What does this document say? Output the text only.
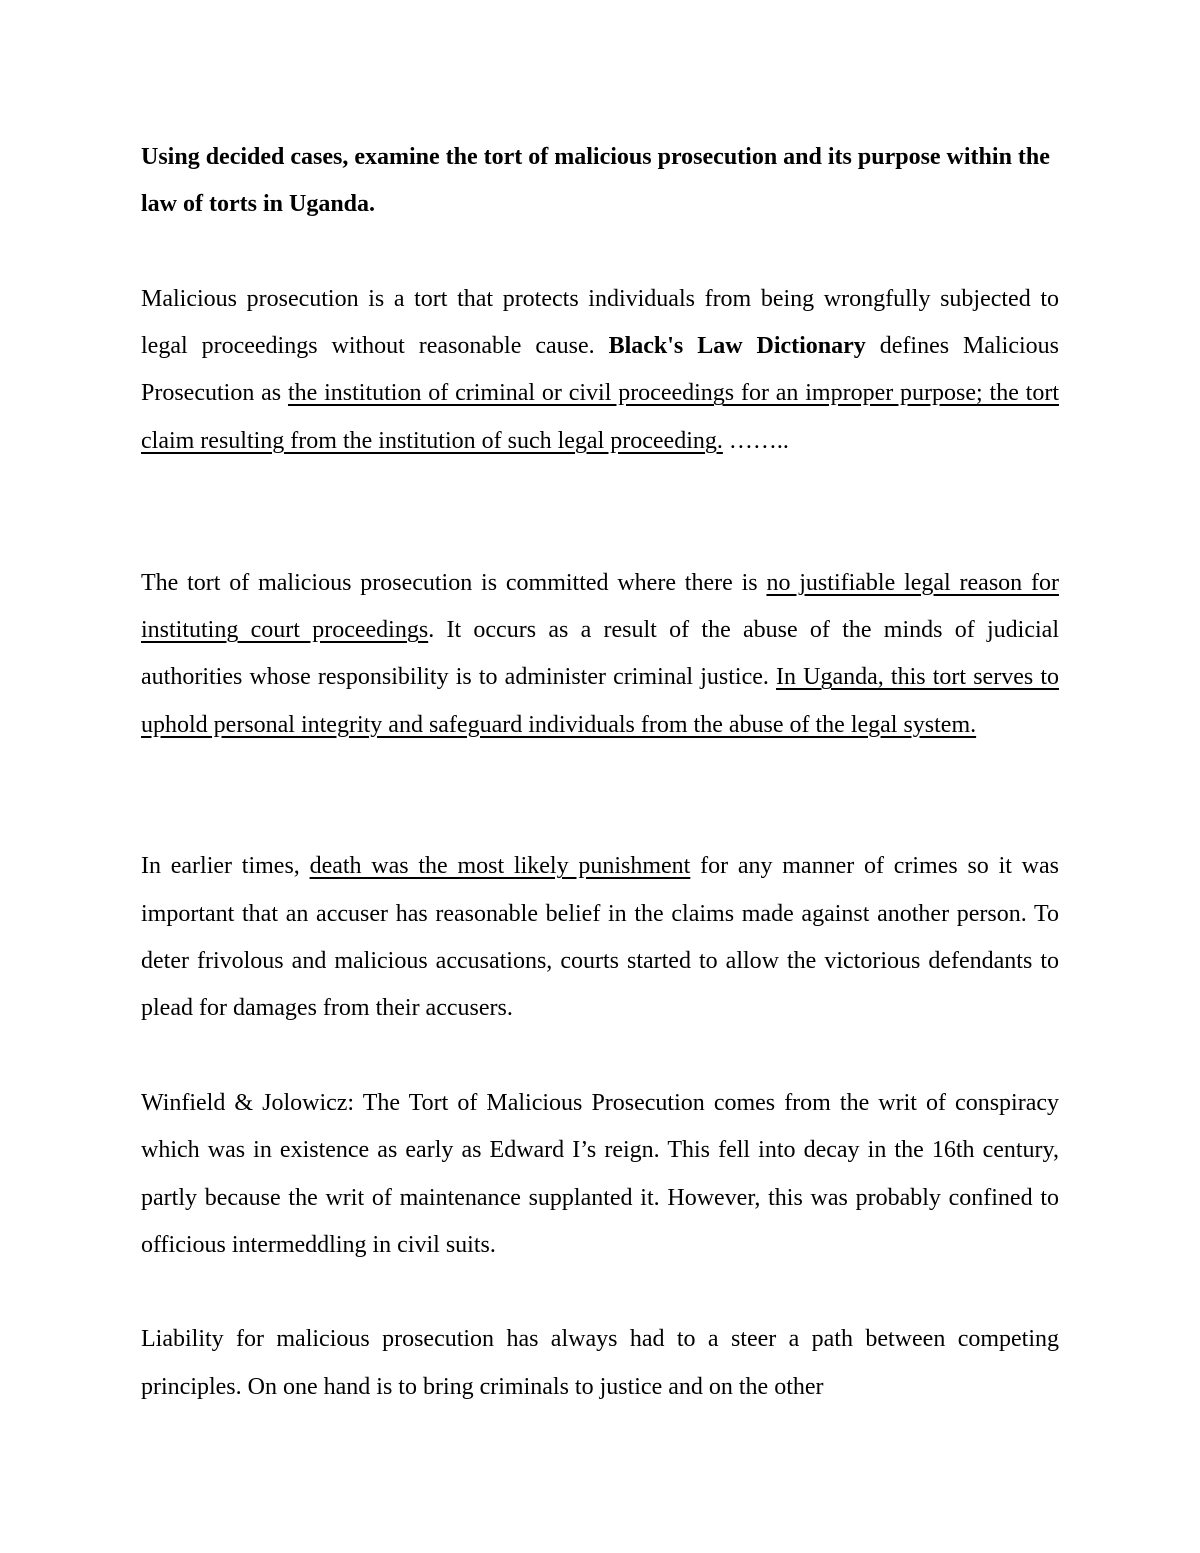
Using decided cases, examine the tort of malicious prosecution and its purpose within the law of torts in Uganda.

Malicious prosecution is a tort that protects individuals from being wrongfully subjected to legal proceedings without reasonable cause. Black's Law Dictionary defines Malicious Prosecution as the institution of criminal or civil proceedings for an improper purpose; the tort claim resulting from the institution of such legal proceeding. ……..

The tort of malicious prosecution is committed where there is no justifiable legal reason for instituting court proceedings. It occurs as a result of the abuse of the minds of judicial authorities whose responsibility is to administer criminal justice. In Uganda, this tort serves to uphold personal integrity and safeguard individuals from the abuse of the legal system.

In earlier times, death was the most likely punishment for any manner of crimes so it was important that an accuser has reasonable belief in the claims made against another person. To deter frivolous and malicious accusations, courts started to allow the victorious defendants to plead for damages from their accusers.

Winfield & Jolowicz: The Tort of Malicious Prosecution comes from the writ of conspiracy which was in existence as early as Edward I’s reign. This fell into decay in the 16th century, partly because the writ of maintenance supplanted it. However, this was probably confined to officious intermeddling in civil suits.

Liability for malicious prosecution has always had to a steer a path between competing principles. On one hand is to bring criminals to justice and on the other
